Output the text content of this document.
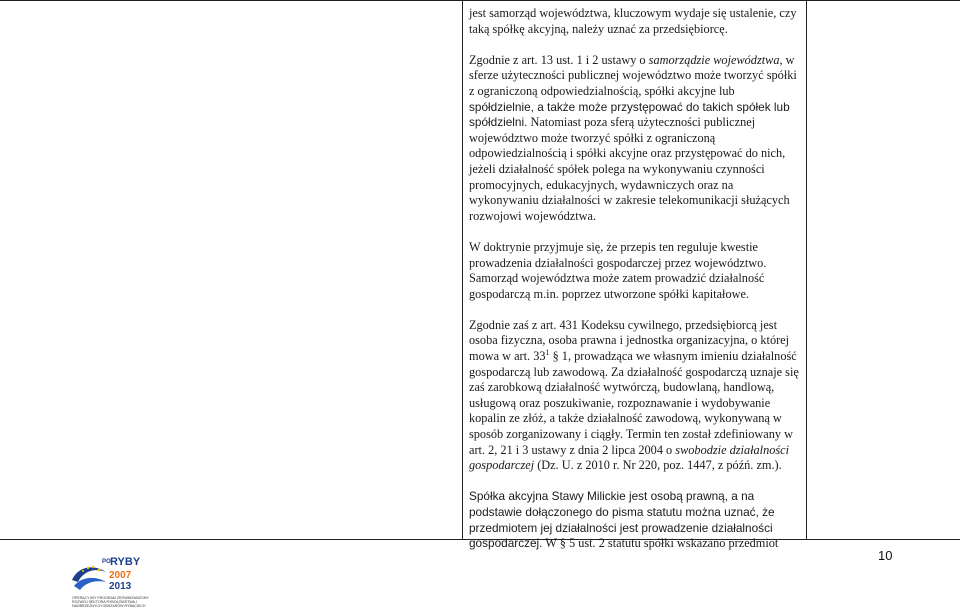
jest samorząd województwa, kluczowym wydaje się ustalenie, czy taką spółkę akcyjną, należy uznać za przedsiębiorcę.

Zgodnie z art. 13 ust. 1 i 2 ustawy o samorządzie województwa, w sferze użyteczności publicznej województwo może tworzyć spółki z ograniczoną odpowiedzialnością, spółki akcyjne lub spółdzielnie, a także może przystępować do takich spółek lub spółdzielni. Natomiast poza sferą użyteczności publicznej województwo może tworzyć spółki z ograniczoną odpowiedzialnością i spółki akcyjne oraz przystępować do nich, jeżeli działalność spółek polega na wykonywaniu czynności promocyjnych, edukacyjnych, wydawniczych oraz na wykonywaniu działalności w zakresie telekomunikacji służących rozwojowi województwa.

W doktrynie przyjmuje się, że przepis ten reguluje kwestie prowadzenia działalności gospodarczej przez województwo. Samorząd województwa może zatem prowadzić działalność gospodarczą m.in. poprzez utworzone spółki kapitałowe.

Zgodnie zaś z art. 431 Kodeksu cywilnego, przedsiębiorcą jest osoba fizyczna, osoba prawna i jednostka organizacyjna, o której mowa w art. $33^1$ § 1, prowadząca we własnym imieniu działalność gospodarczą lub zawodową. Za działalność gospodarczą uznaje się zaś zarobkową działalność wytwórczą, budowlaną, handlową, usługową oraz poszukiwanie, rozpoznawanie i wydobywanie kopalin ze złóż, a także działalność zawodową, wykonywaną w sposób zorganizowany i ciągły. Termin ten został zdefiniowany w art. 2, 21 i 3 ustawy z dnia 2 lipca 2004 o swobodzie działalności gospodarczej (Dz. U. z 2010 r. Nr 220, poz. 1447, z późń. zm.).

Spółka akcyjna Stawy Milickie jest osobą prawną, a na podstawie dołączonego do pisma statutu można uznać, że przedmiotem jej działalności jest prowadzenie działalności gospodarczej. W § 5 ust. 2 statutu spółki wskazano przedmiot

10
PO RYBY
2007
2013
OPERACYJNY PROGRAM ZRÓWNOWAŻONY ROZWÓJ SEKTORA RYBOŁÓWSTWA I NADBRZEŻNYCH OBSZARÓW RYBACKICH
